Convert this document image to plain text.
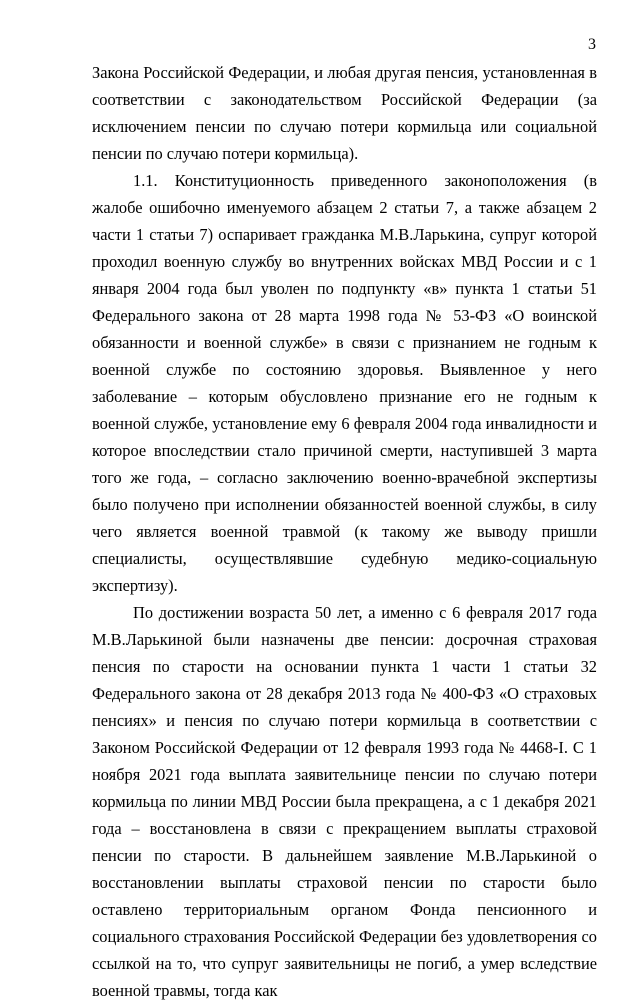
3

Закона Российской Федерации, и любая другая пенсия, установленная в соответствии с законодательством Российской Федерации (за исключением пенсии по случаю потери кормильца или социальной пенсии по случаю потери кормильца).

1.1. Конституционность приведенного законоположения (в жалобе ошибочно именуемого абзацем 2 статьи 7, а также абзацем 2 части 1 статьи 7) оспаривает гражданка М.В.Ларькина, супруг которой проходил военную службу во внутренних войсках МВД России и с 1 января 2004 года был уволен по подпункту «в» пункта 1 статьи 51 Федерального закона от 28 марта 1998 года № 53-ФЗ «О воинской обязанности и военной службе» в связи с признанием не годным к военной службе по состоянию здоровья. Выявленное у него заболевание – которым обусловлено признание его не годным к военной службе, установление ему 6 февраля 2004 года инвалидности и которое впоследствии стало причиной смерти, наступившей 3 марта того же года, – согласно заключению военно-врачебной экспертизы было получено при исполнении обязанностей военной службы, в силу чего является военной травмой (к такому же выводу пришли специалисты, осуществлявшие судебную медико-социальную экспертизу).

По достижении возраста 50 лет, а именно с 6 февраля 2017 года М.В.Ларькиной были назначены две пенсии: досрочная страховая пенсия по старости на основании пункта 1 части 1 статьи 32 Федерального закона от 28 декабря 2013 года № 400-ФЗ «О страховых пенсиях» и пенсия по случаю потери кормильца в соответствии с Законом Российской Федерации от 12 февраля 1993 года № 4468-I. С 1 ноября 2021 года выплата заявительнице пенсии по случаю потери кормильца по линии МВД России была прекращена, а с 1 декабря 2021 года – восстановлена в связи с прекращением выплаты страховой пенсии по старости. В дальнейшем заявление М.В.Ларькиной о восстановлении выплаты страховой пенсии по старости было оставлено территориальным органом Фонда пенсионного и социального страхования Российской Федерации без удовлетворения со ссылкой на то, что супруг заявительницы не погиб, а умер вследствие военной травмы, тогда как
